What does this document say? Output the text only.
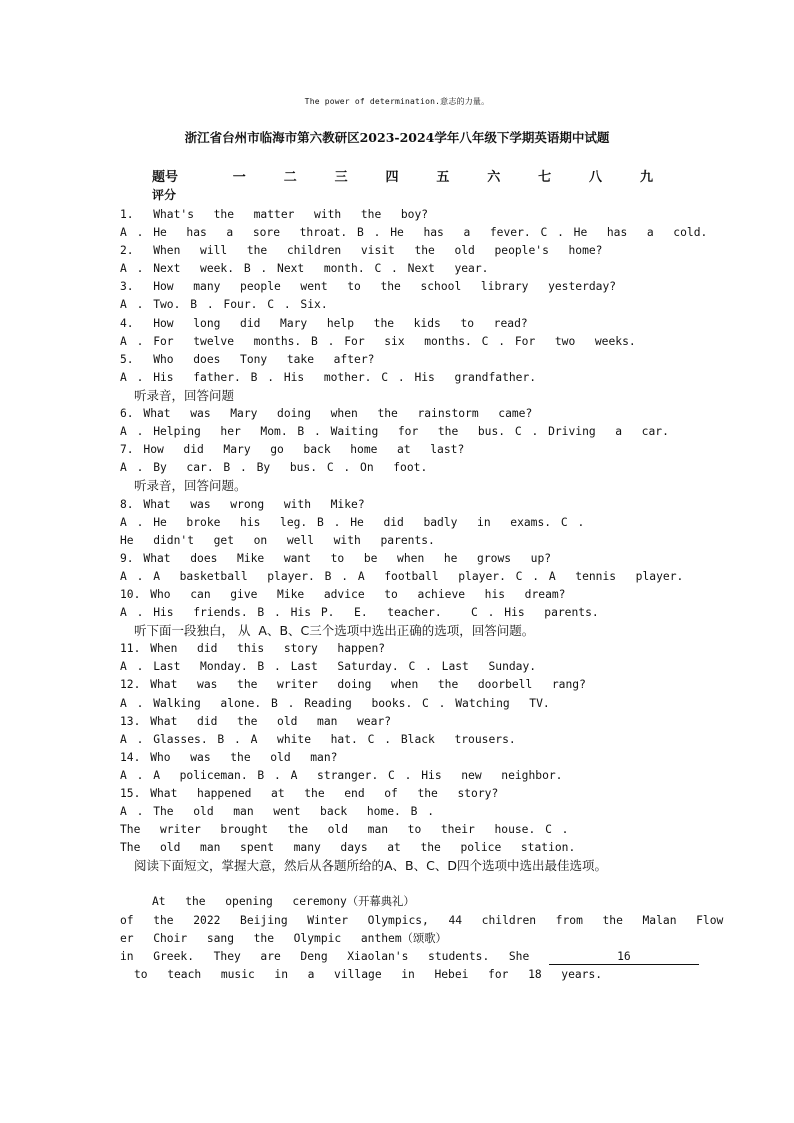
The power of determination.意志的力量。
浙江省台州市临海市第六教研区2023-2024学年八年级下学期英语期中试题
题号	一	二	三	四	五	六	七	八	九
评分									
1.  What's  the  matter  with  the  boy?
A . He  has  a  sore  throat. B . He  has  a  fever. C . He  has  a  cold.
2.  When  will  the  children  visit  the  old  people's  home?
A . Next  week. B . Next  month. C . Next  year.
3.  How  many  people  went  to  the  school  library  yesterday?
A . Two. B . Four. C . Six.
4.  How  long  did  Mary  help  the  kids  to  read?
A . For  twelve  months. B . For  six  months. C . For  two  weeks.
5.  Who  does  Tony  take  after?
A . His  father. B . His  mother. C . His  grandfather.
听录音，回答问题
6. What  was  Mary  doing  when  the  rainstorm  came?
A . Helping  her  Mom. B . Waiting  for  the  bus. C . Driving  a  car.
7. How  did  Mary  go  back  home  at  last?
A . By  car. B . By  bus. C . On  foot.
听录音，回答问题。
8. What  was  wrong  with  Mike?
A . He  broke  his  leg. B . He  did  badly  in  exams. C .
He  didn't  get  on  well  with  parents.
9. What  does  Mike  want  to  be  when  he  grows  up?
A . A  basketball  player. B . A  football  player. C . A  tennis  player.
10. Who  can  give  Mike  advice  to  achieve  his  dream?
A . His  friends. B . His P.  E.  teacher.   C . His  parents.
听下面一段独白， 从  A、B、C三个选项中选出正确的选项，回答问题。
11. When  did  this  story  happen?
A . Last  Monday. B . Last  Saturday. C . Last  Sunday.
12. What  was  the  writer  doing  when  the  doorbell  rang?
A . Walking  alone. B . Reading  books. C . Watching  TV.
13. What  did  the  old  man  wear?
A . Glasses. B . A  white  hat. C . Black  trousers.
14. Who  was  the  old  man?
A . A  policeman. B . A  stranger. C . His  new  neighbor.
15. What  happened  at  the  end  of  the  story?
A . The  old  man  went  back  home. B .
The  writer  brought  the  old  man  to  their  house. C .
The  old  man  spent  many  days  at  the  police  station.
阅读下面短文，掌握大意，然后从各题所给的A、B、C、D四个选项中选出最佳选项。
At  the  opening  ceremony（开幕典礼）
of  the  2022  Beijing  Winter  Olympics,  44  children  from  the  Malan  Flow
er  Choir  sang  the  Olympic  anthem（颂歌）
in  Greek.  They  are  Deng  Xiaolan's  students.  She	16
to  teach  music  in  a  village  in  Hebei  for  18  years.
